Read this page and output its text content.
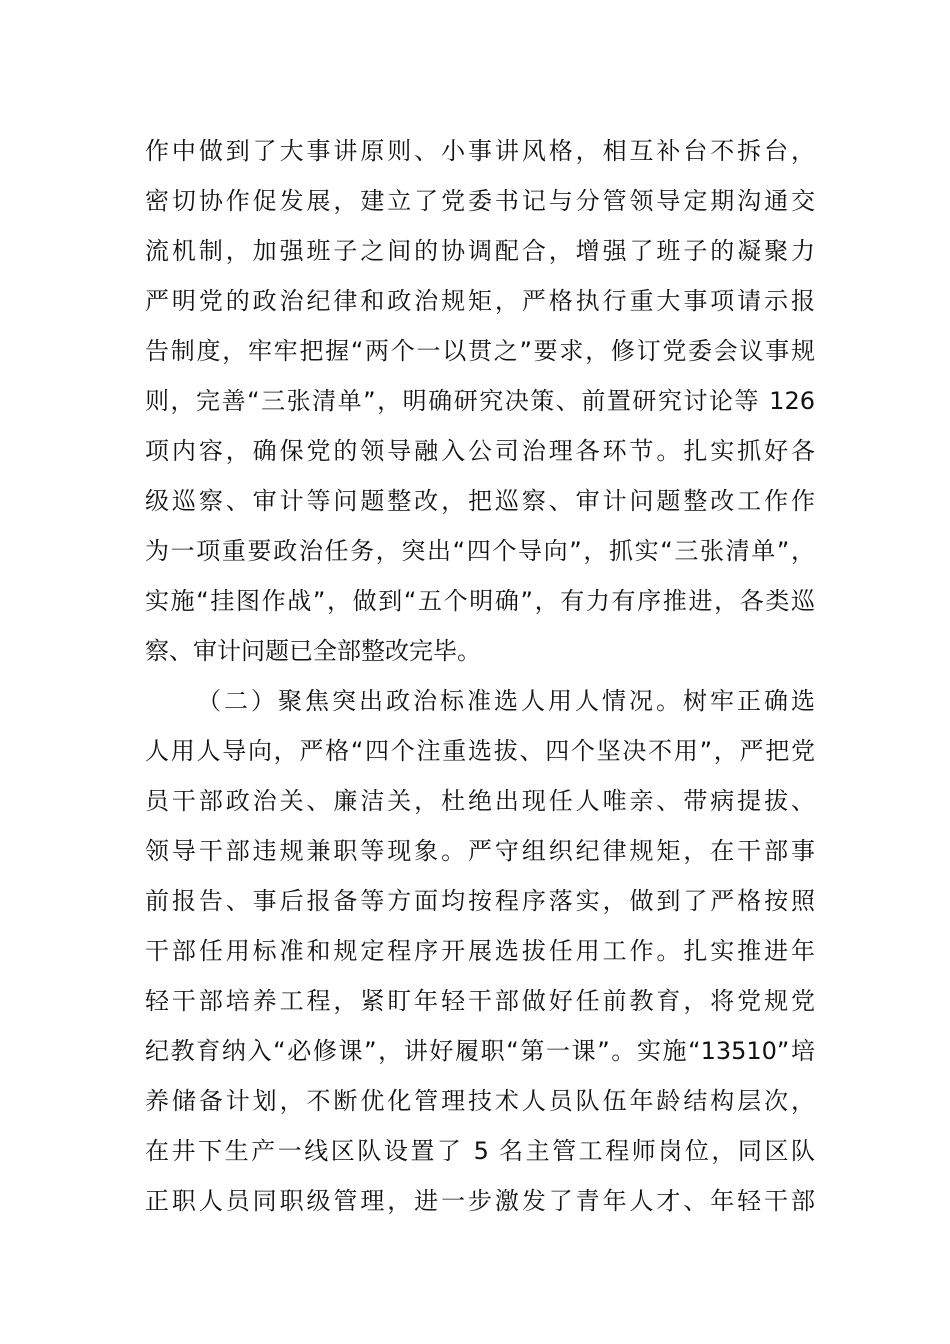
作中做到了大事讲原则、小事讲风格，相互补台不拆台，
密切协作促发展，建立了党委书记与分管领导定期沟通交
流机制，加强班子之间的协调配合，增强了班子的凝聚力
严明党的政治纪律和政治规矩，严格执行重大事项请示报
告制度，牢牢把握“两个一以贯之”要求，修订党委会议事规
则，完善“三张清单”，明确研究决策、前置研究讨论等 126
项内容，确保党的领导融入公司治理各环节。扎实抓好各
级巡察、审计等问题整改，把巡察、审计问题整改工作作
为一项重要政治任务，突出“四个导向”，抓实“三张清单”，
实施“挂图作战”，做到“五个明确”，有力有序推进，各类巡
察、审计问题已全部整改完毕。
（二）聚焦突出政治标准选人用人情况。树牢正确选
人用人导向，严格“四个注重选拔、四个坚决不用”，严把党
员干部政治关、廉洁关，杜绝出现任人唯亲、带病提拔、
领导干部违规兼职等现象。严守组织纪律规矩，在干部事
前报告、事后报备等方面均按程序落实，做到了严格按照
干部任用标准和规定程序开展选拔任用工作。扎实推进年
轻干部培养工程，紧盯年轻干部做好任前教育，将党规党
纪教育纳入“必修课”，讲好履职“第一课”。实施“13510”培
养储备计划，不断优化管理技术人员队伍年龄结构层次，
在井下生产一线区队设置了 5 名主管工程师岗位，同区队
正职人员同职级管理，进一步激发了青年人才、年轻干部
